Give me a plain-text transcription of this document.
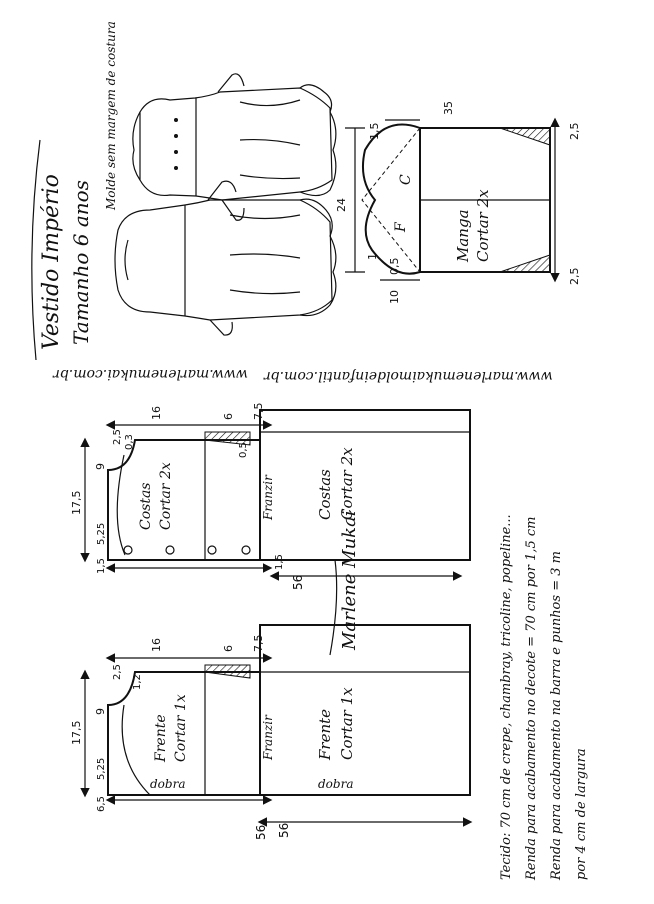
Vestido Império Tamanho 6 anos
Molde sem margem de costura
www.marlenemukai.com.br www.marlenemukaimoldeinfantil.com.br
Manga Cortar 2x
C
F
35
1,5
24
1
0,5
10
2,5
2,5
Costas Cortar 2x
17,5
16	6 7,5
2,5 0,3
0,5
9
5,25
1,5
Franzir	Costas Cortar 2x
56
1,5
Frente Cortar 1x
dobra
17,5
16	6 7,5
2,5
1,2
9
5,25
6,5
Franzir	Frente Cortar 1x
dobra
56
56
Marlene Mukai	Tecido: 70 cm de crepe, chambray, tricoline, popeline... Renda para acabamento no decote = 70 cm por 1,5 cm Renda para acabamento na barra e punhos = 3 m por 4 cm de largura
